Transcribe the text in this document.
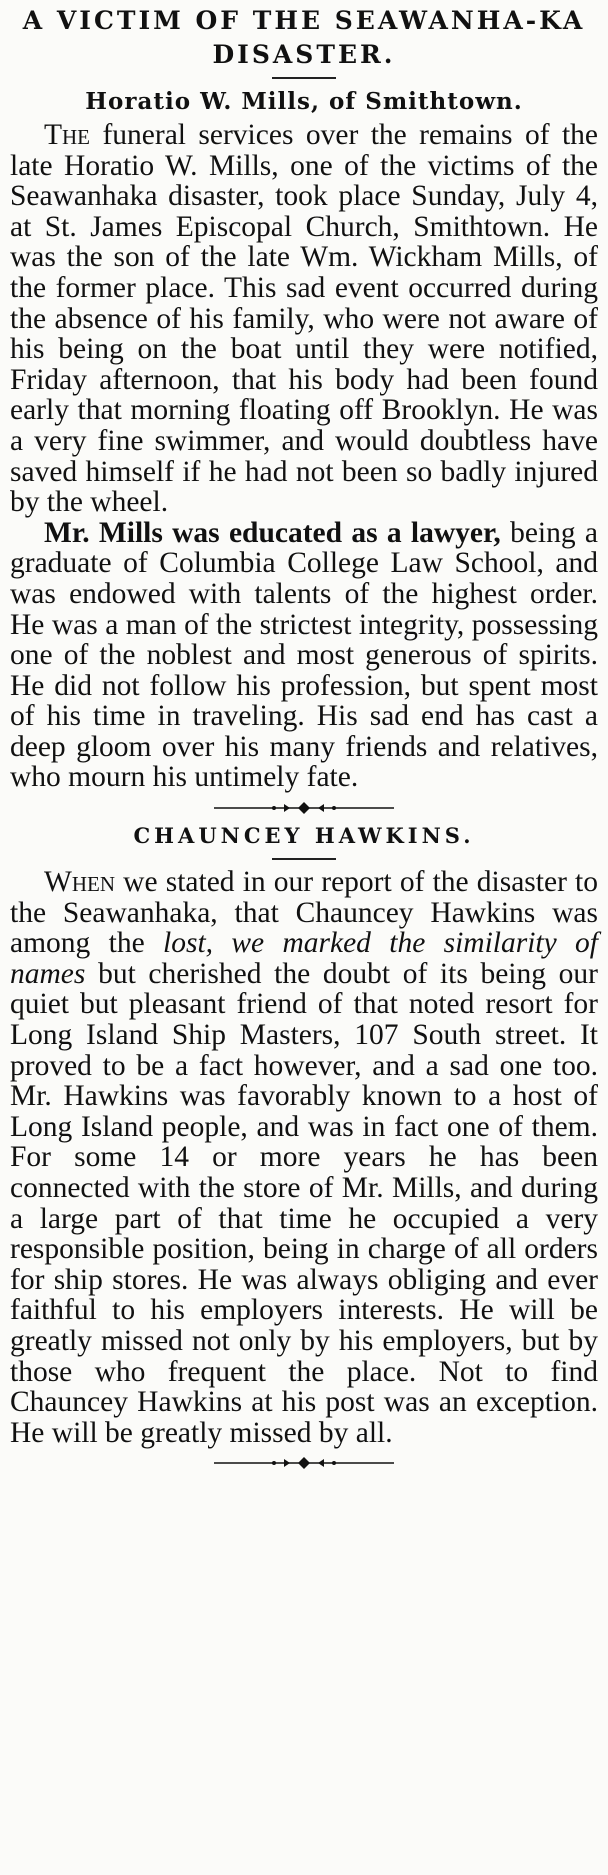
A VICTIM OF THE SEAWANHA-KA DISASTER.
Horatio W. Mills, of Smithtown.

The funeral services over the remains of the late Horatio W. Mills, one of the victims of the Seawanhaka disaster, took place Sunday, July 4, at St. James Episcopal Church, Smithtown. He was the son of the late Wm. Wickham Mills, of the former place. This sad event occurred during the absence of his family, who were not aware of his being on the boat until they were notified, Friday afternoon, that his body had been found early that morning floating off Brooklyn. He was a very fine swimmer, and would doubtless have saved himself if he had not been so badly injured by the wheel.

Mr. Mills was educated as a lawyer, being a graduate of Columbia College Law School, and was endowed with talents of the highest order. He was a man of the strictest integrity, possessing one of the noblest and most generous of spirits. He did not follow his profession, but spent most of his time in traveling. His sad end has cast a deep gloom over his many friends and relatives, who mourn his untimely fate.

CHAUNCEY HAWKINS.

When we stated in our report of the disaster to the Seawanhaka, that Chauncey Hawkins was among the lost, we marked the similarity of names but cherished the doubt of its being our quiet but pleasant friend of that noted resort for Long Island Ship Masters, 107 South street. It proved to be a fact however, and a sad one too. Mr. Hawkins was favorably known to a host of Long Island people, and was in fact one of them. For some 14 or more years he has been connected with the store of Mr. Mills, and during a large part of that time he occupied a very responsible position, being in charge of all orders for ship stores. He was always obliging and ever faithful to his employers interests. He will be greatly missed not only by his employers, but by those who frequent the place. Not to find Chauncey Hawkins at his post was an exception. He will be greatly missed by all.
